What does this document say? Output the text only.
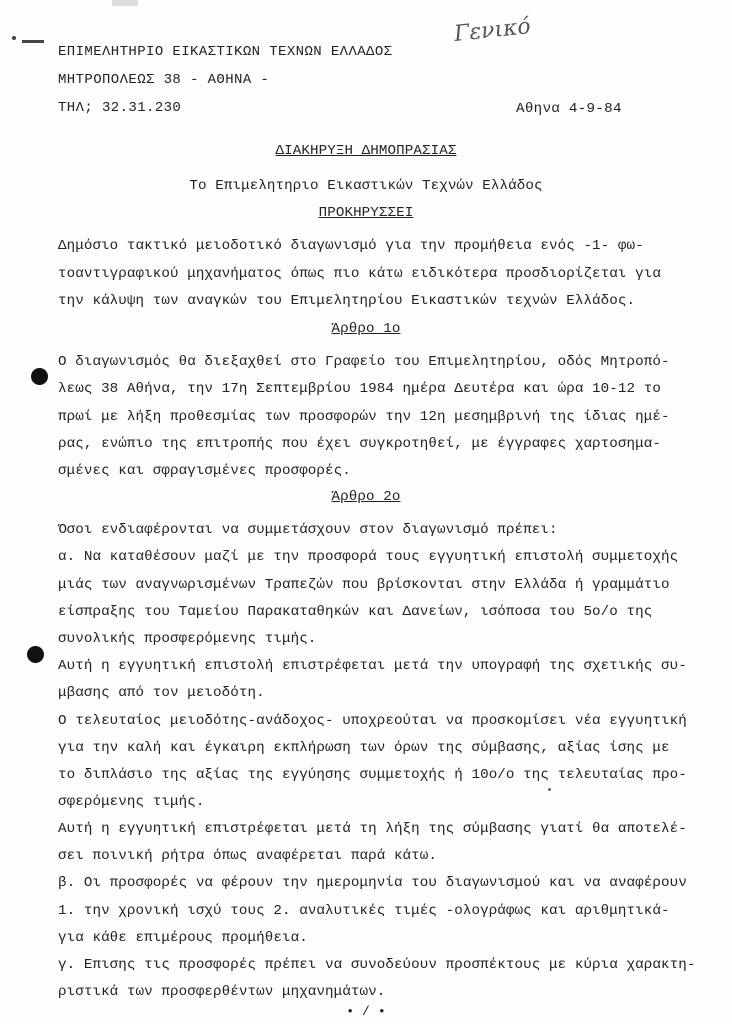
ΕΠΙΜΕΛΗΤΗΡΙΟ ΕΙΚΑΣΤΙΚΩΝ ΤΕΧΝΩΝ ΕΛΛΑΔΟΣ
ΜΗΤΡΟΠΟΛΕΩΣ 38 - ΑΘΗΝΑ -
ΤΗΛ; 32.31.230	Αθηνα 4-9-84
Γενικό
ΔΙΑΚΗΡΥΞΗ ΔΗΜΟΠΡΑΣΙΑΣ
Το Επιμελητηριο Εικαστικών Τεχνών Ελλάδος
ΠΡΟΚΗΡΥΣΣΕΙ
Δημόσιο τακτικό μειοδοτικό διαγωνισμό για την προμήθεια ενός -1- φω-
τοαντιγραφικού μηχανήματος όπως πιο κάτω ειδικότερα προσδιορίζεται για
την κάλυψη των αναγκών του Επιμελητηρίου Εικαστικών τεχνών Ελλάδος.
Άρθρο 1ο
Ο διαγωνισμός θα διεξαχθεί στο Γραφείο του Επιμελητηρίου, οδός Μητροπό-
λεως 38 Αθήνα, την 17η Σεπτεμβρίου 1984 ημέρα Δευτέρα και ώρα 10-12 το
πρωί με λήξη προθεσμίας των προσφορών την 12η μεσημβρινή της ίδιας ημέ-
ρας, ενώπιο της επιτροπής που έχει συγκροτηθεί, με έγγραφες χαρτοσημα-
σμένες και σφραγισμένες προσφορές.
Άρθρο 2ο
Όσοι ενδιαφέρονται να συμμετάσχουν στον διαγωνισμό πρέπει:
α. Να καταθέσουν μαζί με την προσφορά τους εγγυητική επιστολή συμμετοχής
μιάς των αναγνωρισμένων Τραπεζών που βρίσκονται στην Ελλάδα ή γραμμάτιο
είσπραξης του Ταμείου Παρακαταθηκών και Δανείων, ισόποσα του 5ο/ο της
συνολικής προσφερόμενης τιμής.
Αυτή η εγγυητική επιστολή επιστρέφεται μετά την υπογραφή της σχετικής συ-
μβασης από τον μειοδότη.
Ο τελευταίος μειοδότης-ανάδοχος- υποχρεούται να προσκομίσει νέα εγγυητική
για την καλή και έγκαιρη εκπλήρωση των όρων της σύμβασης, αξίας ίσης με
το διπλάσιο της αξίας της εγγύησης συμμετοχής ή 10ο/ο της τελευταίας προ-
σφερόμενης τιμής.
Αυτή η εγγυητική επιστρέφεται μετά τη λήξη της σύμβασης γιατί θα αποτελέ-
σει ποινική ρήτρα όπως αναφέρεται παρά κάτω.
β. Οι προσφορές να φέρουν την ημερομηνία του διαγωνισμού και να αναφέρουν
1. την χρονική ισχύ τους 2. αναλυτικές τιμές -ολογράφως και αριθμητικά-
για κάθε επιμέρους προμήθεια.
γ. Επισης τις προσφορές πρέπει να συνοδεύουν προσπέκτους με κύρια χαρακτη-
ριστικά των προσφερθέντων μηχανημάτων.
• / •
